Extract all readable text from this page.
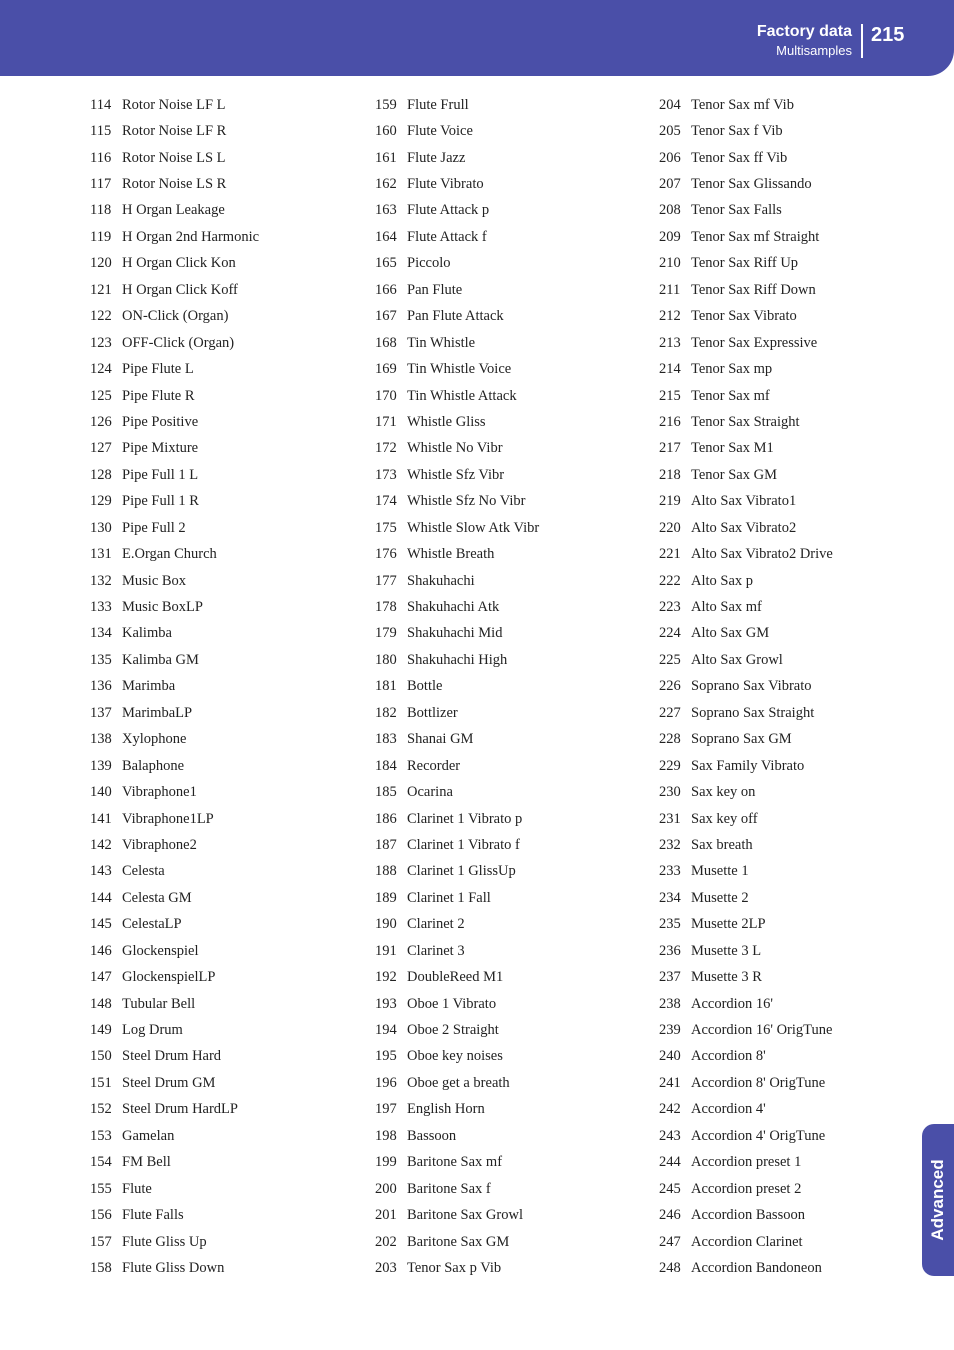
Factory data
Multisamples
215
114 Rotor Noise LF L
115 Rotor Noise LF R
116 Rotor Noise LS L
117 Rotor Noise LS R
118 H Organ Leakage
119 H Organ 2nd Harmonic
120 H Organ Click Kon
121 H Organ Click Koff
122 ON-Click (Organ)
123 OFF-Click (Organ)
124 Pipe Flute L
125 Pipe Flute R
126 Pipe Positive
127 Pipe Mixture
128 Pipe Full 1 L
129 Pipe Full 1 R
130 Pipe Full 2
131 E.Organ Church
132 Music Box
133 Music BoxLP
134 Kalimba
135 Kalimba GM
136 Marimba
137 MarimbaLP
138 Xylophone
139 Balaphone
140 Vibraphone1
141 Vibraphone1LP
142 Vibraphone2
143 Celesta
144 Celesta GM
145 CelestaLP
146 Glockenspiel
147 GlockenspielLP
148 Tubular Bell
149 Log Drum
150 Steel Drum Hard
151 Steel Drum GM
152 Steel Drum HardLP
153 Gamelan
154 FM Bell
155 Flute
156 Flute Falls
157 Flute Gliss Up
158 Flute Gliss Down
159 Flute Frull
160 Flute Voice
161 Flute Jazz
162 Flute Vibrato
163 Flute Attack p
164 Flute Attack f
165 Piccolo
166 Pan Flute
167 Pan Flute Attack
168 Tin Whistle
169 Tin Whistle Voice
170 Tin Whistle Attack
171 Whistle Gliss
172 Whistle No Vibr
173 Whistle Sfz Vibr
174 Whistle Sfz No Vibr
175 Whistle Slow Atk Vibr
176 Whistle Breath
177 Shakuhachi
178 Shakuhachi Atk
179 Shakuhachi Mid
180 Shakuhachi High
181 Bottle
182 Bottlizer
183 Shanai GM
184 Recorder
185 Ocarina
186 Clarinet 1 Vibrato p
187 Clarinet 1 Vibrato f
188 Clarinet 1 GlissUp
189 Clarinet 1 Fall
190 Clarinet 2
191 Clarinet 3
192 DoubleReed M1
193 Oboe 1 Vibrato
194 Oboe 2 Straight
195 Oboe key noises
196 Oboe get a breath
197 English Horn
198 Bassoon
199 Baritone Sax mf
200 Baritone Sax f
201 Baritone Sax Growl
202 Baritone Sax GM
203 Tenor Sax p Vib
204 Tenor Sax mf Vib
205 Tenor Sax f Vib
206 Tenor Sax ff Vib
207 Tenor Sax Glissando
208 Tenor Sax Falls
209 Tenor Sax mf Straight
210 Tenor Sax Riff Up
211 Tenor Sax Riff Down
212 Tenor Sax Vibrato
213 Tenor Sax Expressive
214 Tenor Sax mp
215 Tenor Sax mf
216 Tenor Sax Straight
217 Tenor Sax M1
218 Tenor Sax GM
219 Alto Sax Vibrato1
220 Alto Sax Vibrato2
221 Alto Sax Vibrato2 Drive
222 Alto Sax p
223 Alto Sax mf
224 Alto Sax GM
225 Alto Sax Growl
226 Soprano Sax Vibrato
227 Soprano Sax Straight
228 Soprano Sax GM
229 Sax Family Vibrato
230 Sax key on
231 Sax key off
232 Sax breath
233 Musette 1
234 Musette 2
235 Musette 2LP
236 Musette 3 L
237 Musette 3 R
238 Accordion 16'
239 Accordion 16' OrigTune
240 Accordion 8'
241 Accordion 8' OrigTune
242 Accordion 4'
243 Accordion 4' OrigTune
244 Accordion preset 1
245 Accordion preset 2
246 Accordion Bassoon
247 Accordion Clarinet
248 Accordion Bandoneon
Advanced
